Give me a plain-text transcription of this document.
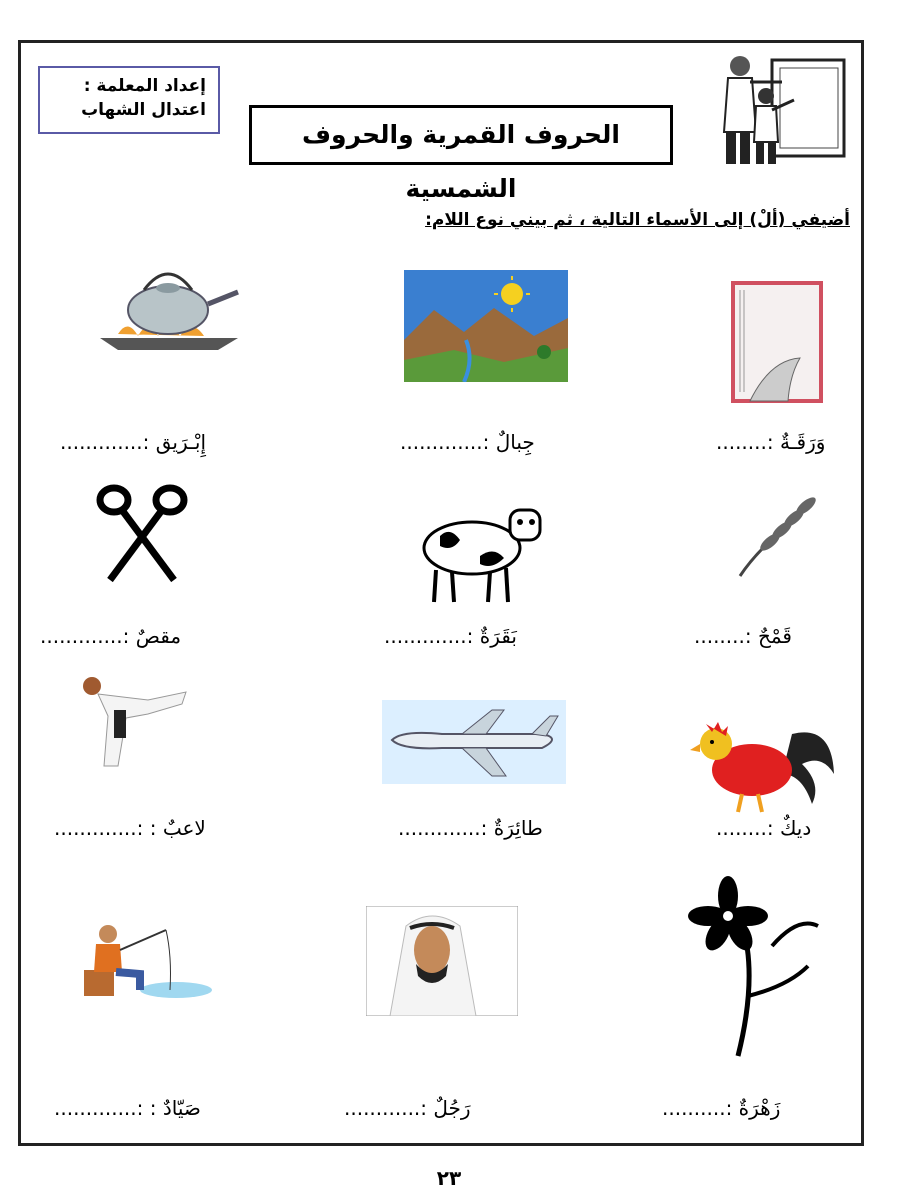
إعداد المعلمة :
اعتدال الشهاب
الحروف القمرية والحروف الشمسية
أضيفي (ألْ) إلى الأسماء التالية ، ثم بيني نوع اللام:
وَرَقَـةٌ :........
جِبالٌ :.............
إِبْـرَيق :.............
قَمْحٌ :........
بَقَرَةٌ :.............
مقصٌ :.............
ديكٌ :........
طائِرَةٌ :.............
لاعبٌ : :.............
زَهْرَةٌ :..........
رَجُلٌ :............
صَيّادٌ : :.............
٢٣
